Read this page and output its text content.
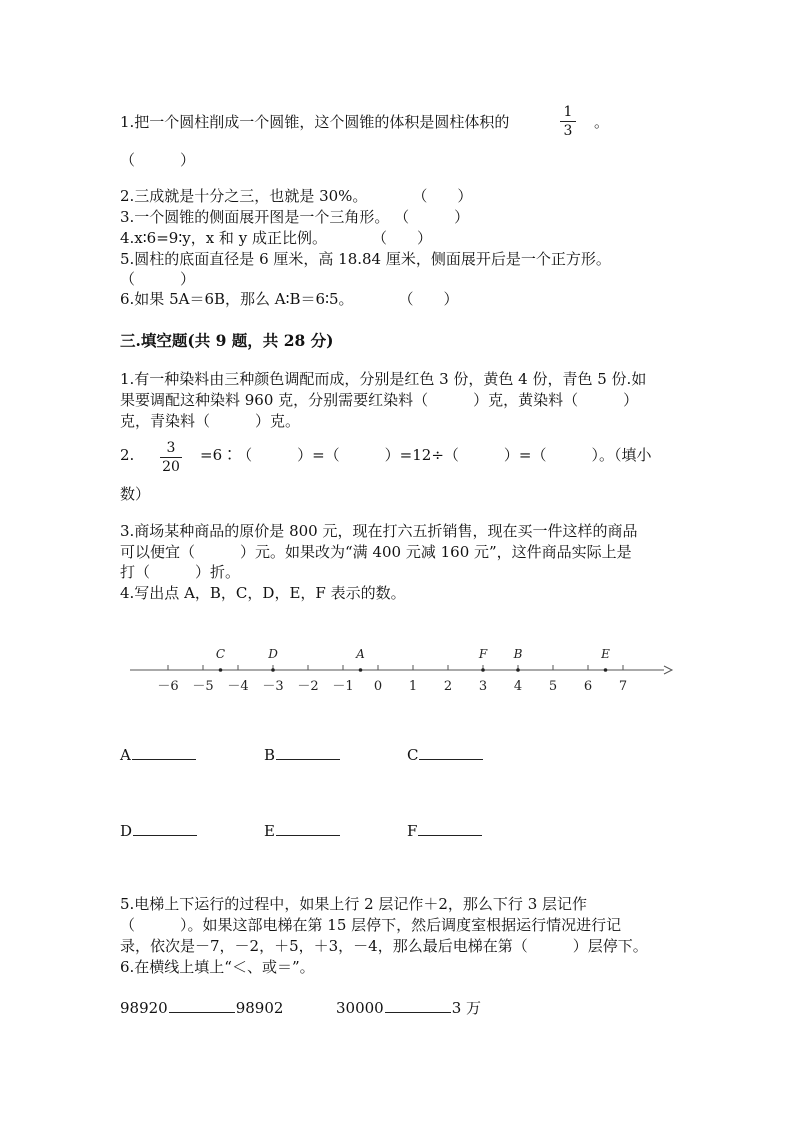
1.把一个圆柱削成一个圆锥，这个圆锥的体积是圆柱体积的
1
3 。
（　　　）
2.三成就是十分之三，也就是 30%。　　　　（　　）
3.一个圆锥的侧面展开图是一个三角形。 （　　　）
4.x∶6=9∶y，x 和 y 成正比例。　　　　（　　）
5.圆柱的底面直径是 6 厘米，高 18.84 厘米，侧面展开后是一个正方形。
（　　　）
6.如果 5A＝6B，那么 A∶B＝6∶5。　　　　（　　）
三.填空题(共 9 题，共 28 分)
1.有一种染料由三种颜色调配而成，分别是红色 3 份，黄色 4 份，青色 5 份.如
果要调配这种染料 960 克，分别需要红染料（　　　）克，黄染料（　　　）
克，青染料（　　　）克。
2.	3
20
=6∶（　　　）=（　　　）=12÷（　　　）=（　　　）。（填小
数）
3.商场某种商品的原价是 800 元，现在打六五折销售，现在买一件这样的商品
可以便宜（　　　）元。如果改为“满 400 元减 160 元”，这件商品实际上是
打（　　　）折。
4.写出点 A，B，C，D，E，F 表示的数。
－6 －5 －4 －3 －2 －1 0 1 2 3 4 5 6 7
C	D	A	F B	E
A	B	C
D	E	F
5.电梯上下运行的过程中，如果上行 2 层记作＋2，那么下行 3 层记作
（　　　）。如果这部电梯在第 15 层停下，然后调度室根据运行情况进行记
录，依次是－7，－2，＋5，＋3，－4，那么最后电梯在第（　　　）层停下。
6.在横线上填上“＜、或＝”。
98920	98902	30000	3 万
